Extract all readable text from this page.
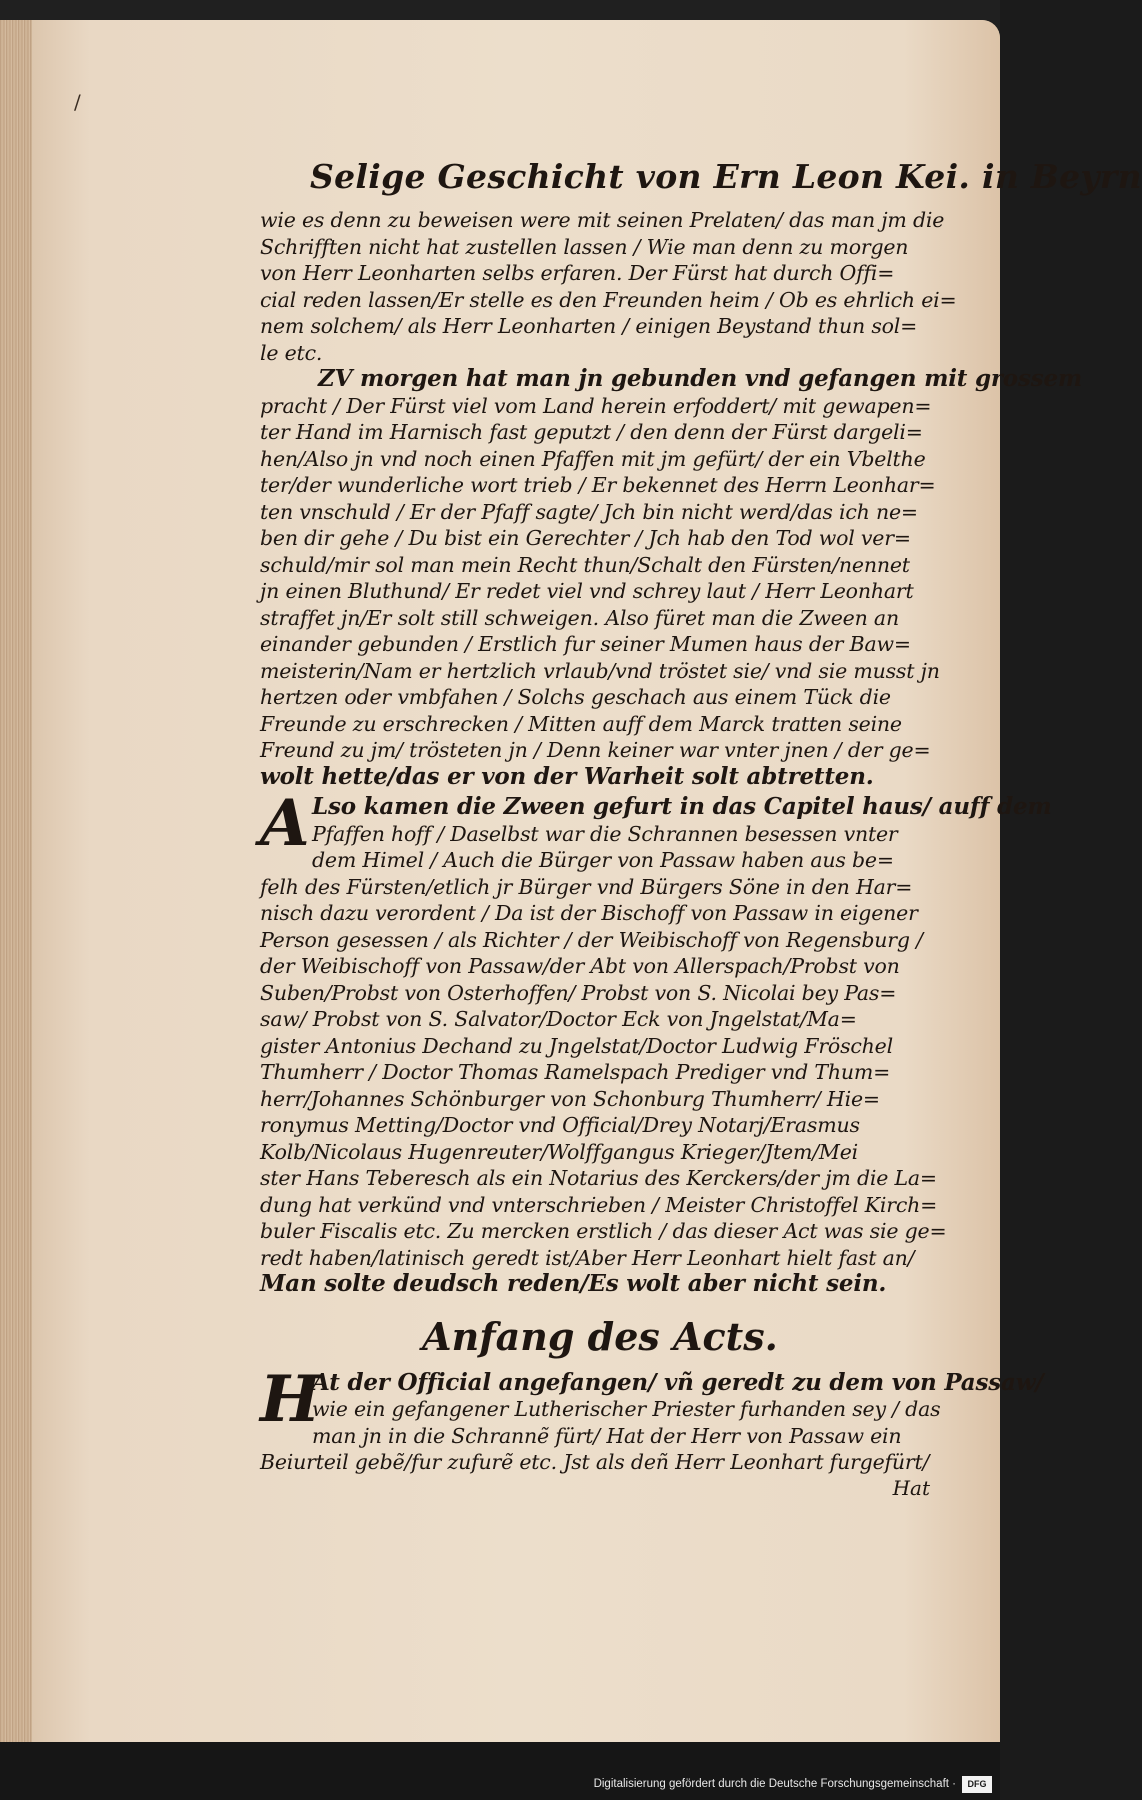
/
Selige Geschicht von Ern Leon Kei. in Beyrn
wie es denn zu beweisen were mit seinen Prelaten/ das man jm die
Schrifften nicht hat zustellen lassen / Wie man denn zu morgen
von Herr Leonharten selbs erfaren. Der Fürst hat durch Offi=
cial reden lassen/Er stelle es den Freunden heim / Ob es ehrlich ei=
nem solchem/ als Herr Leonharten / einigen Beystand thun sol=
le etc.
ZV morgen hat man jn gebunden vnd gefangen mit grossem
pracht / Der Fürst viel vom Land herein erfoddert/ mit gewapen=
ter Hand im Harnisch fast geputzt / den denn der Fürst dargeli=
hen/Also jn vnd noch einen Pfaffen mit jm gefürt/ der ein Vbelthe
ter/der wunderliche wort trieb / Er bekennet des Herrn Leonhar=
ten vnschuld / Er der Pfaff sagte/ Jch bin nicht werd/das ich ne=
ben dir gehe / Du bist ein Gerechter / Jch hab den Tod wol ver=
schuld/mir sol man mein Recht thun/Schalt den Fürsten/nennet
jn einen Bluthund/ Er redet viel vnd schrey laut / Herr Leonhart
straffet jn/Er solt still schweigen. Also füret man die Zween an
einander gebunden / Erstlich fur seiner Mumen haus der Baw=
meisterin/Nam er hertzlich vrlaub/vnd tröstet sie/ vnd sie musst jn
hertzen oder vmbfahen / Solchs geschach aus einem Tück die
Freunde zu erschrecken / Mitten auff dem Marck tratten seine
Freund zu jm/ trösteten jn / Denn keiner war vnter jnen / der ge=
wolt hette/das er von der Warheit solt abtretten.
A Lso kamen die Zween gefurt in das Capitel haus/ auff dem
Pfaffen hoff / Daselbst war die Schrannen besessen vnter
dem Himel / Auch die Bürger von Passaw haben aus be=
felh des Fürsten/etlich jr Bürger vnd Bürgers Söne in den Har=
nisch dazu verordent / Da ist der Bischoff von Passaw in eigener
Person gesessen / als Richter / der Weibischoff von Regensburg /
der Weibischoff von Passaw/der Abt von Allerspach/Probst von
Suben/Probst von Osterhoffen/ Probst von S. Nicolai bey Pas=
saw/ Probst von S. Salvator/Doctor Eck von Jngelstat/Ma=
gister Antonius Dechand zu Jngelstat/Doctor Ludwig Fröschel
Thumherr / Doctor Thomas Ramelspach Prediger vnd Thum=
herr/Johannes Schönburger von Schonburg Thumherr/ Hie=
ronymus Metting/Doctor vnd Official/Drey Notarj/Erasmus
Kolb/Nicolaus Hugenreuter/Wolffgangus Krieger/Jtem/Mei
ster Hans Teberesch als ein Notarius des Kerckers/der jm die La=
dung hat verkünd vnd vnterschrieben / Meister Christoffel Kirch=
buler Fiscalis etc. Zu mercken erstlich / das dieser Act was sie ge=
redt haben/latinisch geredt ist/Aber Herr Leonhart hielt fast an/
Man solte deudsch reden/Es wolt aber nicht sein.
Anfang des Acts.
H
At der Official angefangen/ vñ geredt zu dem von Passaw/
wie ein gefangener Lutherischer Priester furhanden sey / das
man jn in die Schrannẽ fürt/ Hat der Herr von Passaw ein
Beiurteil gebẽ/fur zufurẽ etc. Jst als deñ Herr Leonhart furgefürt/
Hat
Digitalisierung gefördert durch die Deutsche Forschungsgemeinschaft ·	DFG
